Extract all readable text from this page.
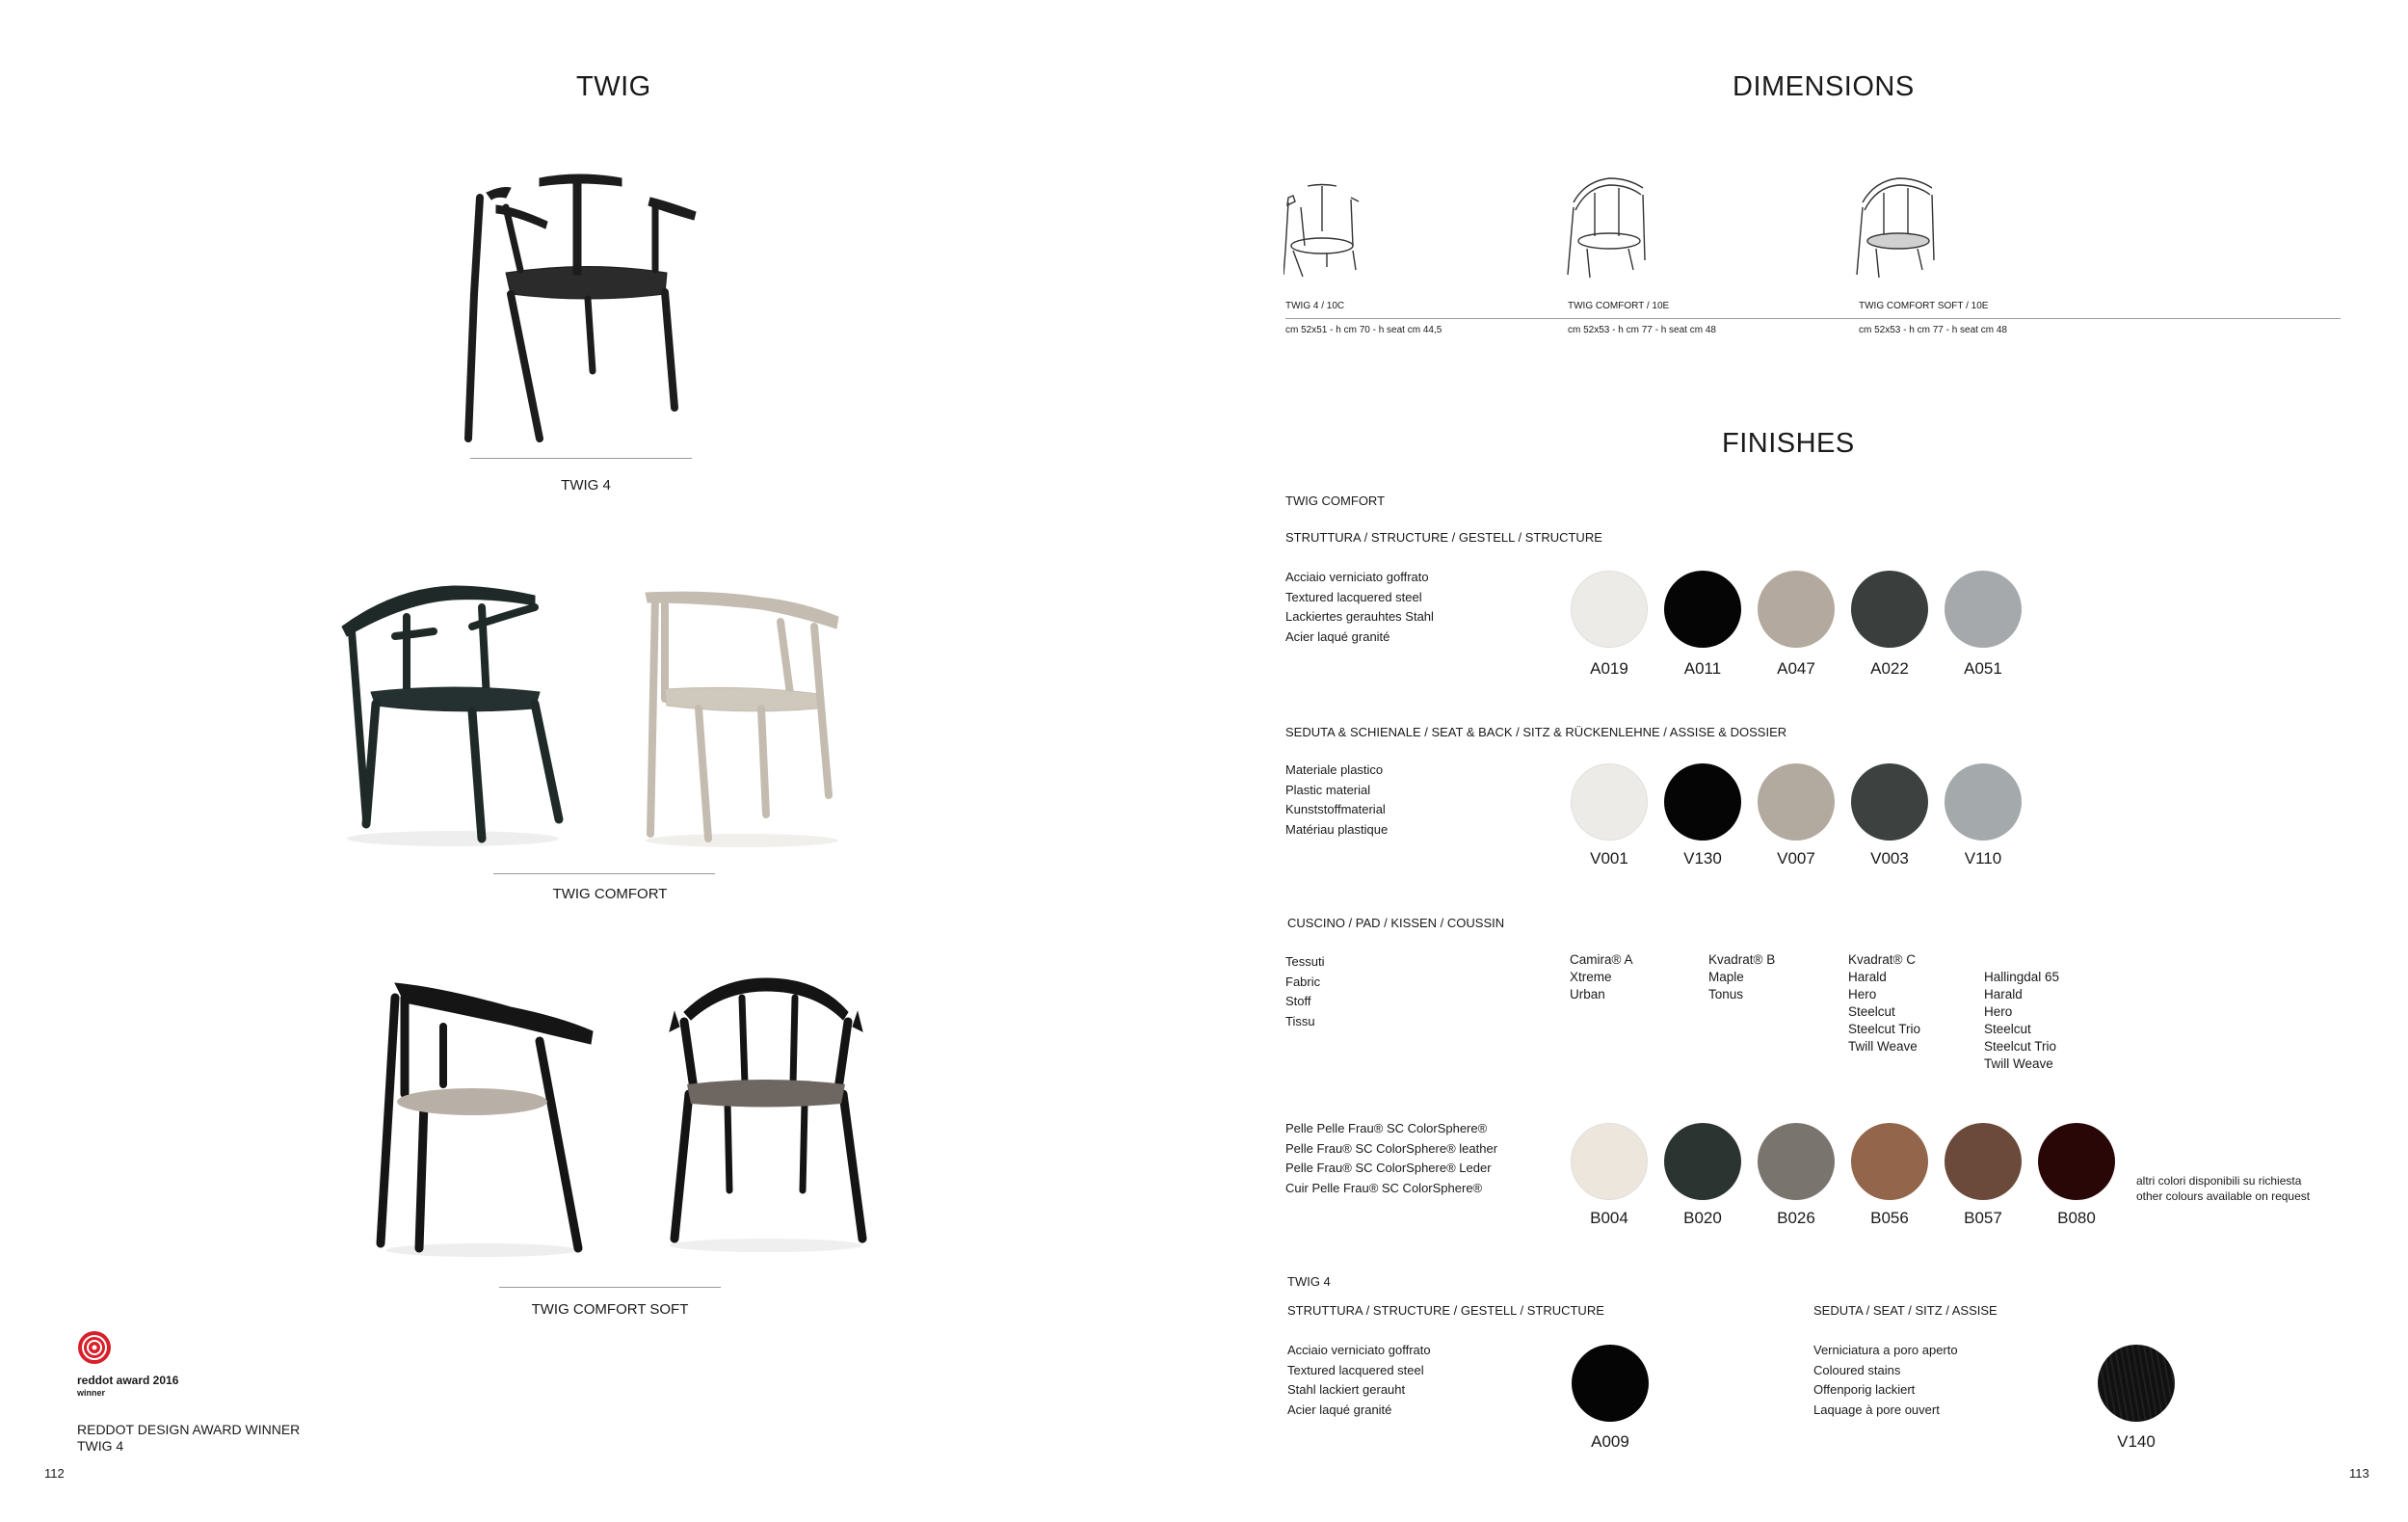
TWIG
TWIG 4
TWIG COMFORT
TWIG COMFORT SOFT
reddot award 2016
winner
REDDOT DESIGN AWARD WINNER
TWIG 4
112
DIMENSIONS
TWIG 4 / 10C	TWIG COMFORT / 10E	TWIG COMFORT SOFT / 10E
cm 52x51 - h cm 70 - h seat cm 44,5	cm 52x53 - h cm 77 - h seat cm 48	cm 52x53 - h cm 77 - h seat cm 48
FINISHES
TWIG COMFORT
STRUTTURA / STRUCTURE / GESTELL / STRUCTURE
Acciaio verniciato goffrato
Textured lacquered steel
Lackiertes gerauhtes Stahl
Acier laqué granité
A019	A011	A047	A022	A051
SEDUTA & SCHIENALE / SEAT & BACK / SITZ & RÜCKENLEHNE / ASSISE & DOSSIER
Materiale plastico
Plastic material
Kunststoffmaterial
Matériau plastique
V001	V130	V007	V003	V110
CUSCINO / PAD / KISSEN / COUSSIN
Tessuti
Fabric
Stoff
Tissu
Camira® A
Xtreme
Urban
Kvadrat® B
Maple
Tonus
Kvadrat® C
Harald
Hero
Steelcut
Steelcut Trio
Twill Weave
Hallingdal 65
Harald
Hero
Steelcut
Steelcut Trio
Twill Weave
Pelle Pelle Frau® SC ColorSphere®
Pelle Frau® SC ColorSphere® leather
Pelle Frau® SC ColorSphere® Leder
Cuir Pelle Frau® SC ColorSphere®
B004	B020	B026	B056	B057	B080
altri colori disponibili su richiesta
other colours available on request
TWIG 4
STRUTTURA / STRUCTURE / GESTELL / STRUCTURE	SEDUTA / SEAT / SITZ / ASSISE
Acciaio verniciato goffrato
Textured lacquered steel
Stahl lackiert gerauht
Acier laqué granité
Verniciatura a poro aperto
Coloured stains
Offenporig lackiert
Laquage à pore ouvert
A009	V140
113
